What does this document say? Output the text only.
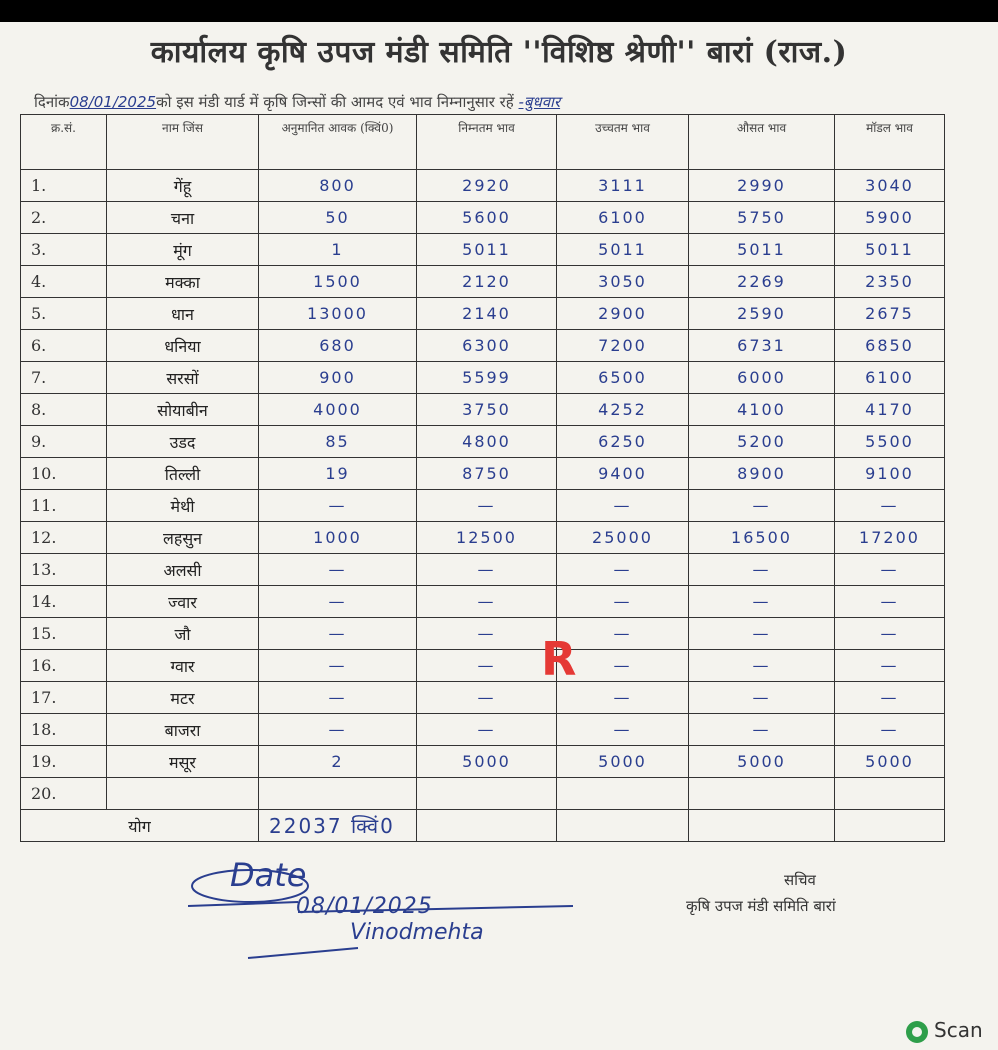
कार्यालय कृषि उपज मंडी समिति ''विशिष्ठ श्रेणी'' बारां (राज.)
दिनांक08/01/2025को इस मंडी यार्ड में कृषि जिन्सों की आमद एवं भाव निम्नानुसार रहें -बुधवार
क्र.सं.	नाम जिंस	अनुमानित आवक (क्विं0)	निम्नतम भाव	उच्चतम भाव	औसत भाव	मॉडल भाव
1.	गेंहू	800	2920	3111	2990	3040
2.	चना	50	5600	6100	5750	5900
3.	मूंग	1	5011	5011	5011	5011
4.	मक्का	1500	2120	3050	2269	2350
5.	धान	13000	2140	2900	2590	2675
6.	धनिया	680	6300	7200	6731	6850
7.	सरसों	900	5599	6500	6000	6100
8.	सोयाबीन	4000	3750	4252	4100	4170
9.	उडद	85	4800	6250	5200	5500
10.	तिल्ली	19	8750	9400	8900	9100
11.	मेथी	—	—	—	—	—
12.	लहसुन	1000	12500	25000	16500	17200
13.	अलसी	—	—	—	—	—
14.	ज्वार	—	—	—	—	—
15.	जौ	—	—	—	—	—
16.	ग्वार	—	—	—	—	—
17.	मटर	—	—	—	—	—
18.	बाजरा	—	—	—	—	—
19.	मसूर	2	5000	5000	5000	5000
20.						
योग		22037 क्विं0				
R
Date
08/01/2025
Vinodmehta
सचिव
कृषि उपज मंडी समिति बारां
Scan
